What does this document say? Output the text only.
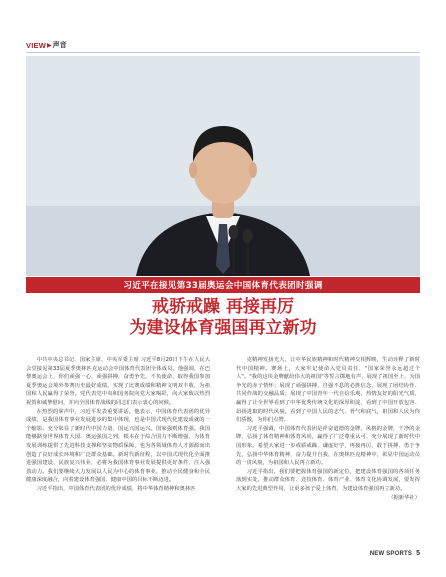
VIEW ▶ 声音
习近平在接见第33届奥运会中国体育代表团时强调
戒骄戒躁 再接再厉
为建设体育强国再立新功

中共中央总书记、国家主席、中央军委主席 习近平8月20日下午在人民大会堂接见第33届夏季奥林匹克运动会中国体育代表团全体成员。他强调，在巴黎奥运会上，你们顽强一心、顽强拼搏，奋勇争先，不负使命，取得我国参加夏季奥运会境外参赛历史最好成绩，实现了比赛成绩和精神文明双丰收，为祖国和人民赢得了荣誉。党代表党中央和国务院向党大家喝彩，向大家致以热烈祝贺和诚挚慰问，并向全国体育战线的同志们表示衷心的问候。

在热烈的掌声中，习近平发表重要讲话。他表示，中国体育代表团的优异成绩，是我国体育事业发展进步的集中体现，也是中国式现代化建设成就的一个缩影。充分彰显了新时代中国力量、国运兴国运兴。国家强则体育强。我国能够跻身世界体育大国、奥运强国之列，根本在于综合国力不断增强，为体育发展训练提供了先进科技支撑和坚实物质保障，也为各领域体育人才源源而出创造了良好成长环境和广泛群众基础。新时代新征程，以中国式现代化全面推进强国建设、民族复兴伟业，必将为我国体育事业发展提供更好条件、注入强劲动力。我们要继续大力发展以人民为中心的体育事业，推动全民健身和全民健康深度融合，向着建设体育强国、健康中国的目标不断迈进。

习近平指出，中国体育代表团的优异成绩，将中华体育精神和奥林匹

克精神发扬光大，让中华民族精神和时代精神交相辉映，生动诠释了新时代中国精神。赛场上，大家牢记使命入党员责任，"国家荣誉永远超过个人"。"我的这块金牌献给伟大的祖国"等誓言掷地有声，展现了祖国至上、为国争光的赤子情怀；展现了顽强拼搏、自强不息的必胜信念，展现了团结协作、共同作战的交融品质；展现了中国青年一代自信乐观、热情友好的阳光气质，赢得了让全世界看到了中华优秀传统文化的深厚积淀，看到了中国开放包容、昂扬进取的时代风貌，看到了中国人民的志气、骨气和底气，祖国和人民为你们骄傲，为你们点赞。

习近平强调，中国体育代表团是祥奋道德的金牌，风格的金牌，干净的金牌，弘扬了体育精神和体育风尚，赢得了广泛尊重认可，充分展现了新时代中国形象。希望大家进一步戒骄戒躁、谦虚好学，再接再厉，敢于拼搏、勇于争先，弘扬中华体育精神，奋力提升自我，在奥林匹克精神中，彰显中国运动员的一贯风貌，为祖国和人民再立新功。

习近平指出，我们要把握体育强国的新定位，把建设体育强国的各项任务落到实处，推动群众体育、竞技体育、体育产业、体育文化协调发展，要发挥大家的先进典型作用，让更多孩子爱上体育，为建设体育强国再立新功。

（据新华社）
NEW SPORTS 5
